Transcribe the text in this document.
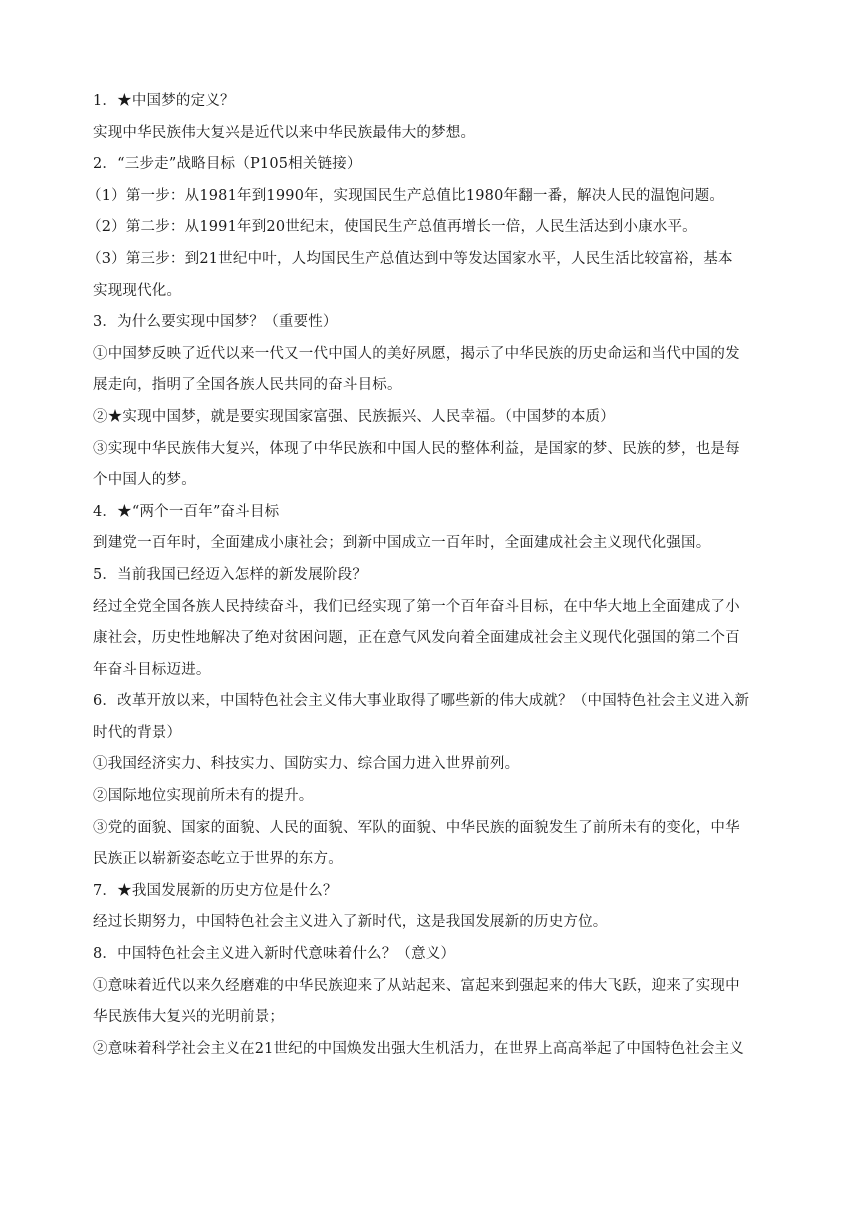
1．★中国梦的定义？
实现中华民族伟大复兴是近代以来中华民族最伟大的梦想。
2．“三步走”战略目标（P105相关链接）
（1）第一步：从1981年到1990年，实现国民生产总值比1980年翻一番，解决人民的温饱问题。
（2）第二步：从1991年到20世纪末，使国民生产总值再增长一倍，人民生活达到小康水平。
（3）第三步：到21世纪中叶，人均国民生产总值达到中等发达国家水平，人民生活比较富裕，基本
实现现代化。
3．为什么要实现中国梦？（重要性）
①中国梦反映了近代以来一代又一代中国人的美好夙愿，揭示了中华民族的历史命运和当代中国的发
展走向，指明了全国各族人民共同的奋斗目标。
②★实现中国梦，就是要实现国家富强、民族振兴、人民幸福。（中国梦的本质）
③实现中华民族伟大复兴，体现了中华民族和中国人民的整体利益，是国家的梦、民族的梦，也是每
个中国人的梦。
4．★“两个一百年”奋斗目标
到建党一百年时，全面建成小康社会；到新中国成立一百年时，全面建成社会主义现代化强国。
5．当前我国已经迈入怎样的新发展阶段？
经过全党全国各族人民持续奋斗，我们已经实现了第一个百年奋斗目标，在中华大地上全面建成了小
康社会，历史性地解决了绝对贫困问题，正在意气风发向着全面建成社会主义现代化强国的第二个百
年奋斗目标迈进。
6．改革开放以来，中国特色社会主义伟大事业取得了哪些新的伟大成就？（中国特色社会主义进入新
时代的背景）
①我国经济实力、科技实力、国防实力、综合国力进入世界前列。
②国际地位实现前所未有的提升。
③党的面貌、国家的面貌、人民的面貌、军队的面貌、中华民族的面貌发生了前所未有的变化，中华
民族正以崭新姿态屹立于世界的东方。
7．★我国发展新的历史方位是什么？
经过长期努力，中国特色社会主义进入了新时代，这是我国发展新的历史方位。
8．中国特色社会主义进入新时代意味着什么？（意义）
①意味着近代以来久经磨难的中华民族迎来了从站起来、富起来到强起来的伟大飞跃，迎来了实现中
华民族伟大复兴的光明前景；
②意味着科学社会主义在21世纪的中国焕发出强大生机活力，在世界上高高举起了中国特色社会主义
